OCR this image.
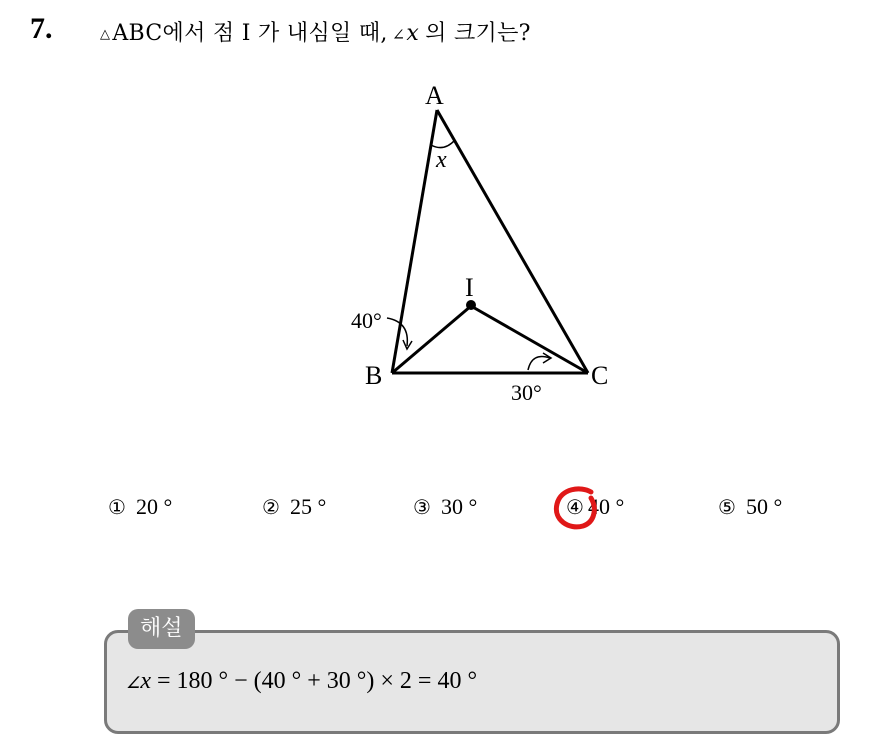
7.	△ABC에서 점 I 가 내심일 때, ∠x 의 크기는?
A
B	C
I
x
40°
30°
① 20 °	② 25 °	③ 30 °	④ 40 °	⑤ 50 °
해설
∠x = 180 ° − (40 ° + 30 °) × 2 = 40 °
